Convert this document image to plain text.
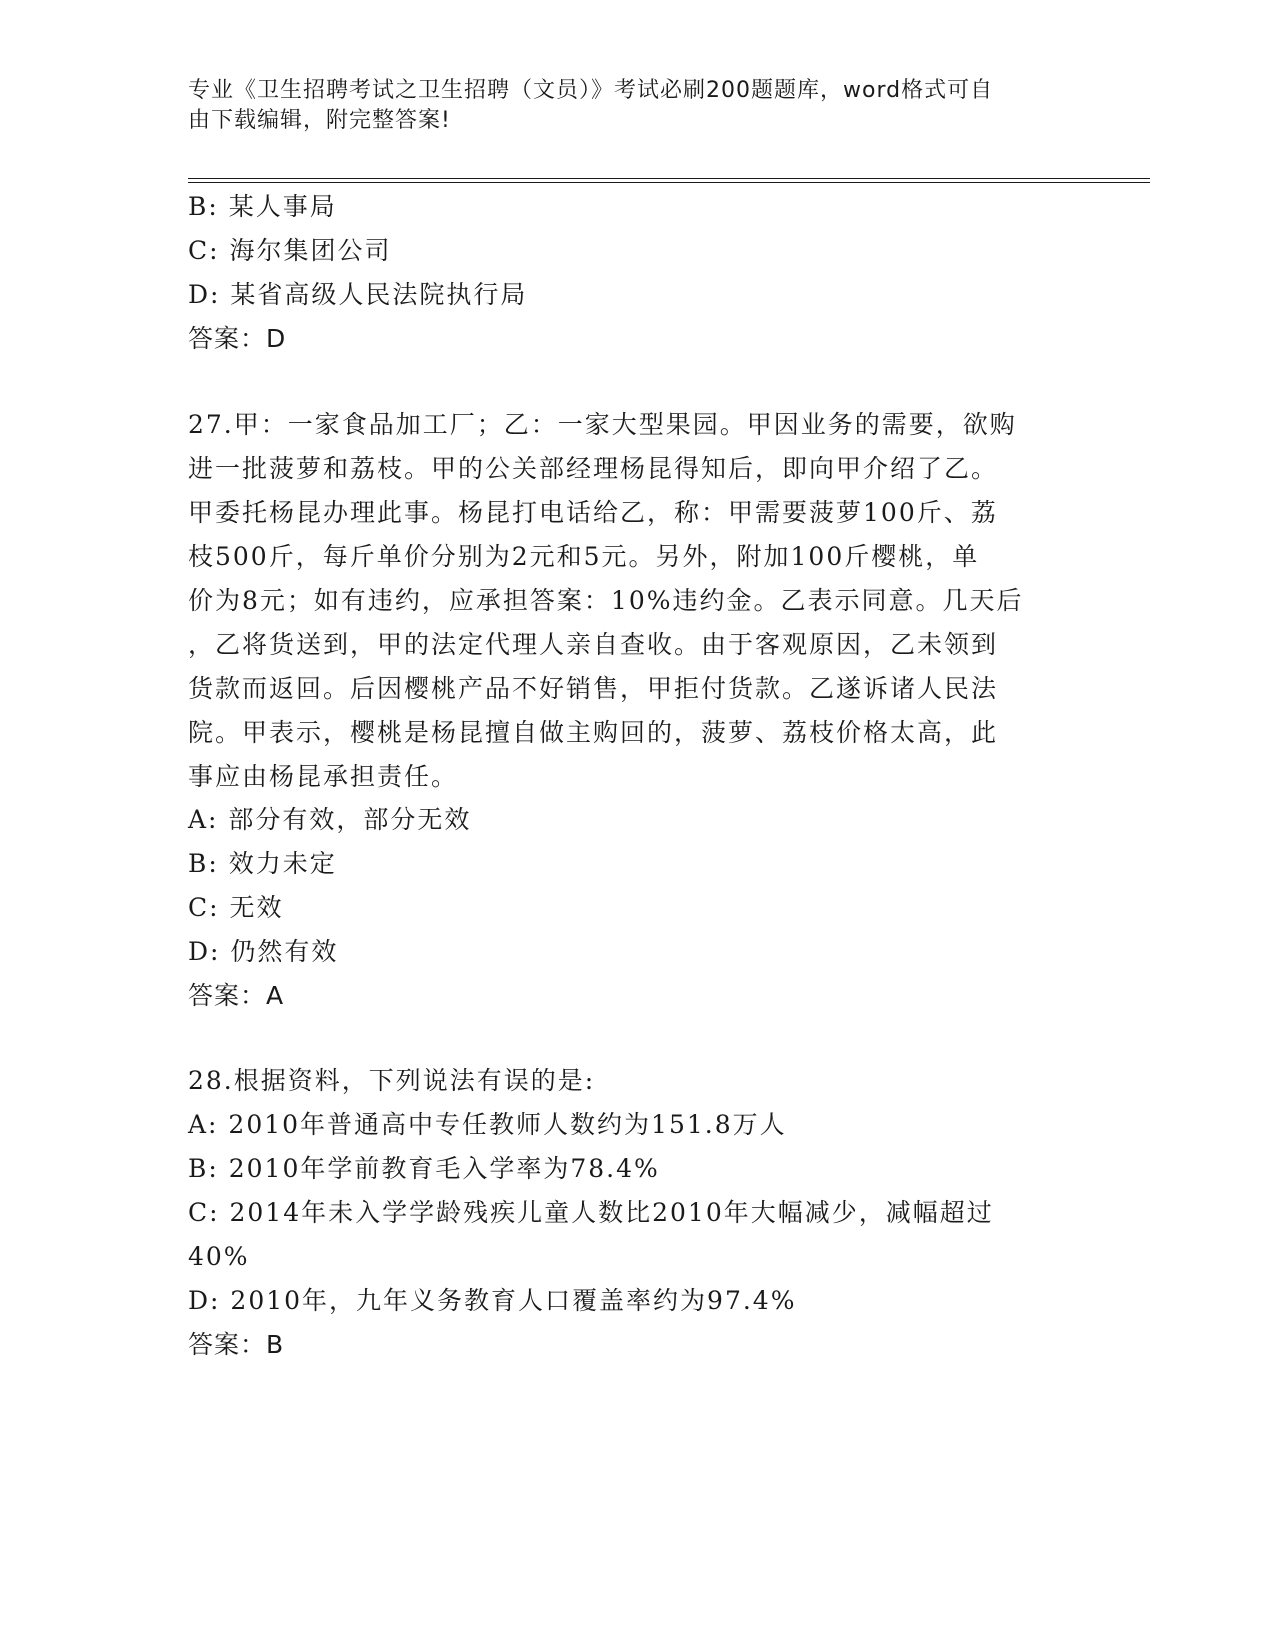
专业《卫生招聘考试之卫生招聘（文员）》考试必刷200题题库，word格式可自
由下载编辑，附完整答案!
B: 某人事局
C: 海尔集团公司
D: 某省高级人民法院执行局
答案：D
27.甲：一家食品加工厂；乙：一家大型果园。甲因业务的需要，欲购
进一批菠萝和荔枝。甲的公关部经理杨昆得知后，即向甲介绍了乙。
甲委托杨昆办理此事。杨昆打电话给乙，称：甲需要菠萝100斤、荔
枝500斤，每斤单价分别为2元和5元。另外，附加100斤樱桃，单
价为8元；如有违约，应承担答案：10%违约金。乙表示同意。几天后
，乙将货送到，甲的法定代理人亲自查收。由于客观原因，乙未领到
货款而返回。后因樱桃产品不好销售，甲拒付货款。乙遂诉诸人民法
院。甲表示，樱桃是杨昆擅自做主购回的，菠萝、荔枝价格太高，此
事应由杨昆承担责任。
A: 部分有效，部分无效
B: 效力未定
C: 无效
D: 仍然有效
答案：A
28.根据资料，下列说法有误的是:
A: 2010年普通高中专任教师人数约为151.8万人
B: 2010年学前教育毛入学率为78.4%
C: 2014年未入学学龄残疾儿童人数比2010年大幅减少，减幅超过
40%
D: 2010年，九年义务教育人口覆盖率约为97.4%
答案：B
